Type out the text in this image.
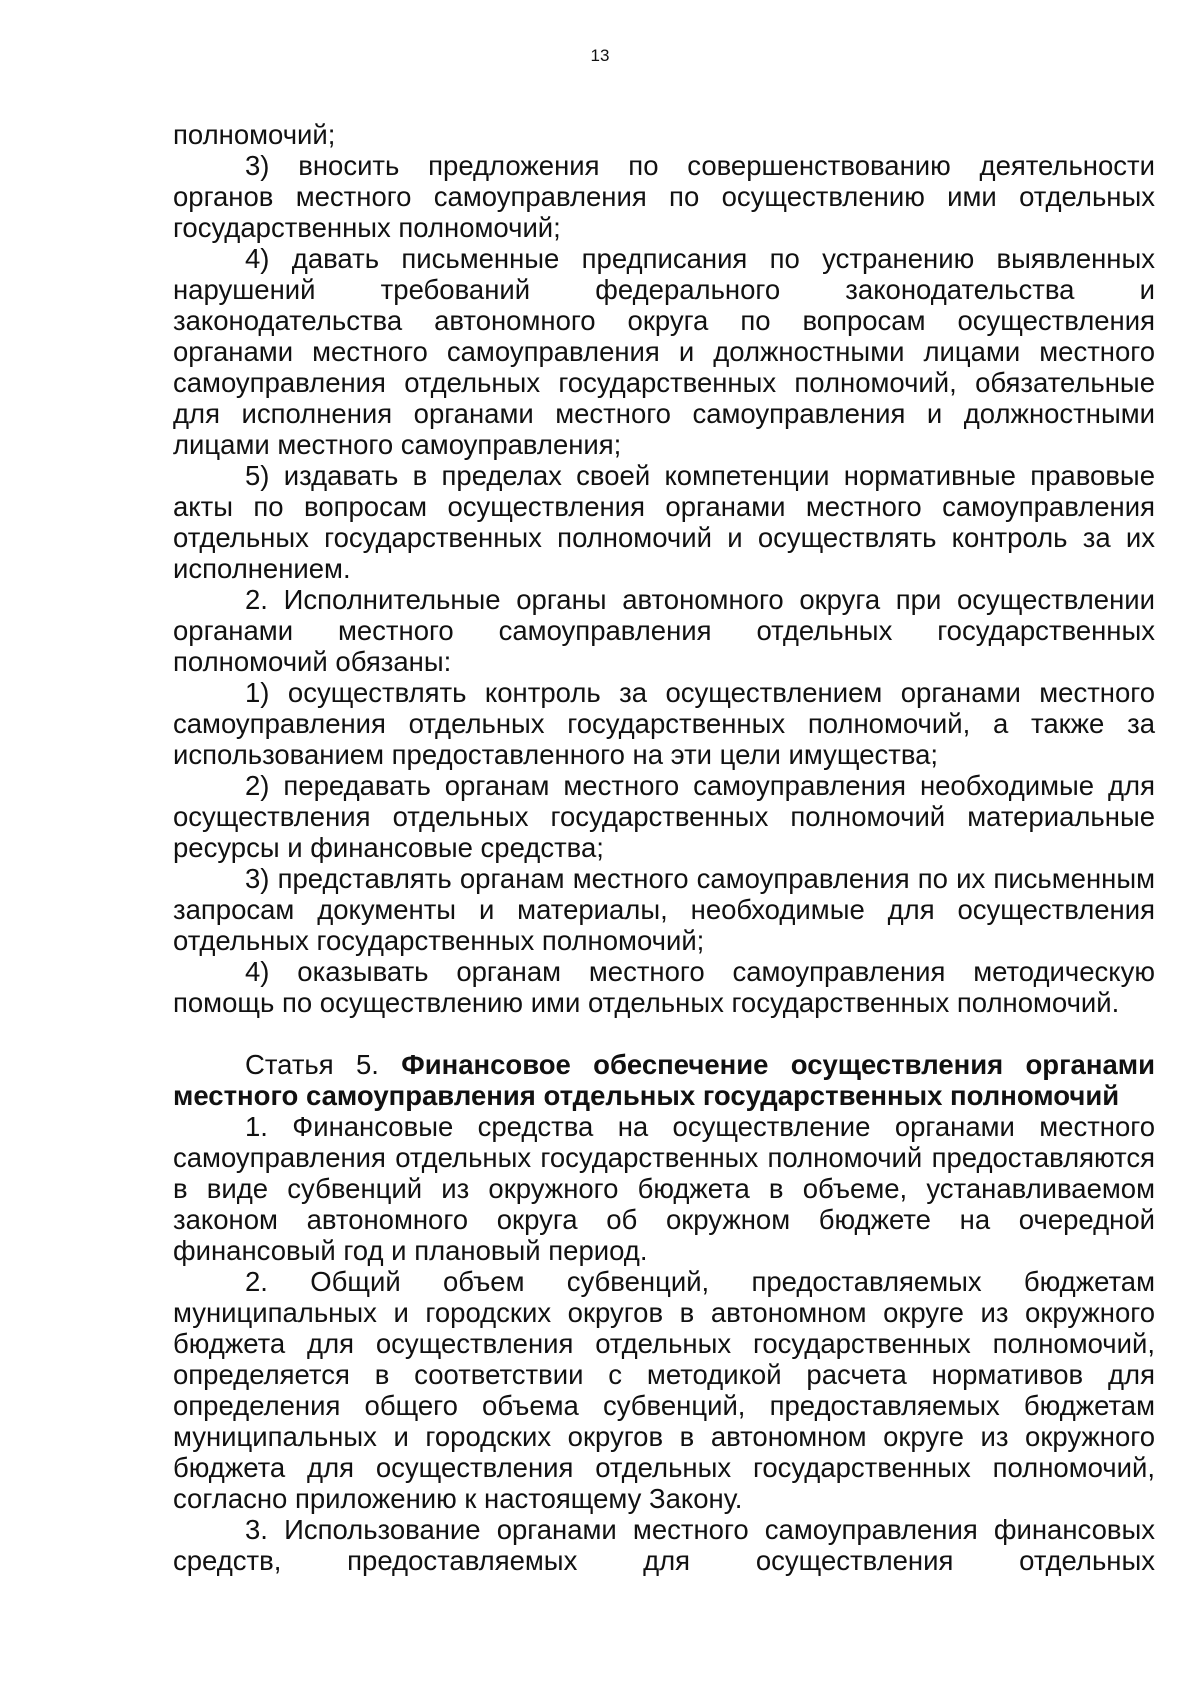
13

полномочий;

3) вносить предложения по совершенствованию деятельности органов местного самоуправления по осуществлению ими отдельных государственных полномочий;

4) давать письменные предписания по устранению выявленных нарушений требований федерального законодательства и законодательства автономного округа по вопросам осуществления органами местного самоуправления и должностными лицами местного самоуправления отдельных государственных полномочий, обязательные для исполнения органами местного самоуправления и должностными лицами местного самоуправления;

5) издавать в пределах своей компетенции нормативные правовые акты по вопросам осуществления органами местного самоуправления отдельных государственных полномочий и осуществлять контроль за их исполнением.

2. Исполнительные органы автономного округа при осуществлении органами местного самоуправления отдельных государственных полномочий обязаны:

1) осуществлять контроль за осуществлением органами местного самоуправления отдельных государственных полномочий, а также за использованием предоставленного на эти цели имущества;

2) передавать органам местного самоуправления необходимые для осуществления отдельных государственных полномочий материальные ресурсы и финансовые средства;

3) представлять органам местного самоуправления по их письменным запросам документы и материалы, необходимые для осуществления отдельных государственных полномочий;

4) оказывать органам местного самоуправления методическую помощь по осуществлению ими отдельных государственных полномочий.

Статья 5. Финансовое обеспечение осуществления органами местного самоуправления отдельных государственных полномочий

1. Финансовые средства на осуществление органами местного самоуправления отдельных государственных полномочий предоставляются в виде субвенций из окружного бюджета в объеме, устанавливаемом законом автономного округа об окружном бюджете на очередной финансовый год и плановый период.

2. Общий объем субвенций, предоставляемых бюджетам муниципальных и городских округов в автономном округе из окружного бюджета для осуществления отдельных государственных полномочий, определяется в соответствии с методикой расчета нормативов для определения общего объема субвенций, предоставляемых бюджетам муниципальных и городских округов в автономном округе из окружного бюджета для осуществления отдельных государственных полномочий, согласно приложению к настоящему Закону.

3. Использование органами местного самоуправления финансовых средств, предоставляемых для осуществления отдельных
